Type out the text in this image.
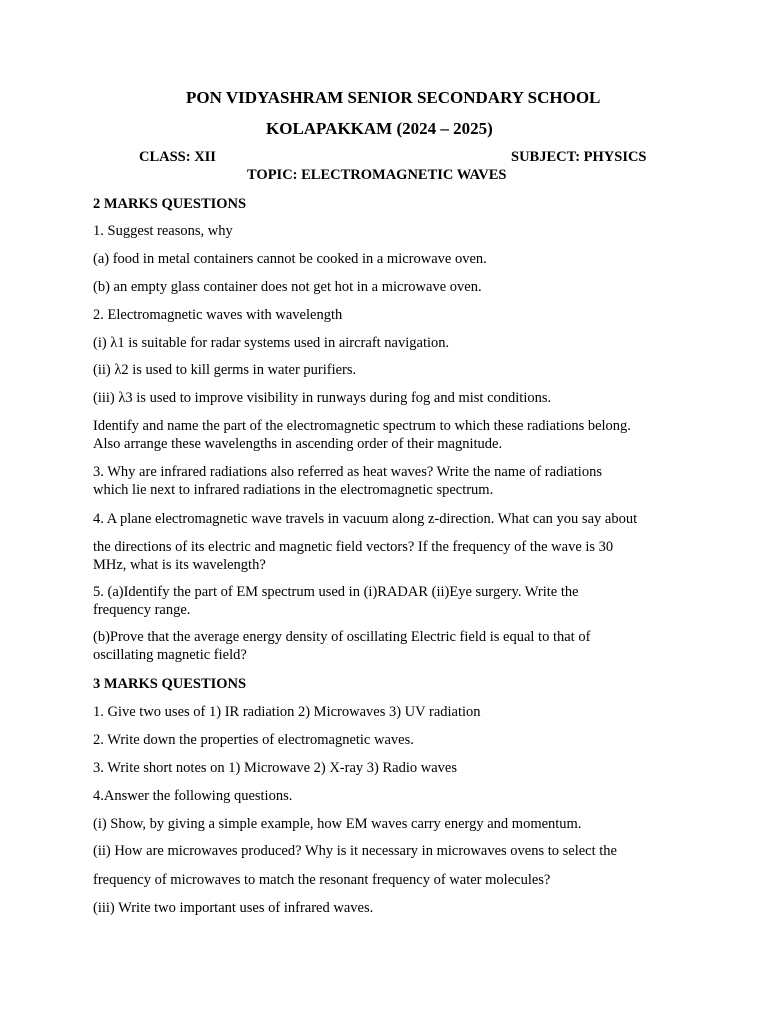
PON VIDYASHRAM SENIOR SECONDARY SCHOOL
KOLAPAKKAM (2024 – 2025)
CLASS: XII	SUBJECT: PHYSICS
TOPIC: ELECTROMAGNETIC WAVES
2 MARKS QUESTIONS
1. Suggest reasons, why
(a) food in metal containers cannot be cooked in a microwave oven.
(b) an empty glass container does not get hot in a microwave oven.
2. Electromagnetic waves with wavelength
(i) λ1 is suitable for radar systems used in aircraft navigation.
(ii) λ2 is used to kill germs in water purifiers.
(iii) λ3 is used to improve visibility in runways during fog and mist conditions.
Identify and name the part of the electromagnetic spectrum to which these radiations belong.
Also arrange these wavelengths in ascending order of their magnitude.
3. Why are infrared radiations also referred as heat waves? Write the name of radiations
which lie next to infrared radiations in the electromagnetic spectrum.
4. A plane electromagnetic wave travels in vacuum along z-direction. What can you say about
the directions of its electric and magnetic field vectors? If the frequency of the wave is 30
MHz, what is its wavelength?
5. (a)Identify the part of EM spectrum used in (i)RADAR (ii)Eye surgery. Write the
frequency range.
(b)Prove that the average energy density of oscillating Electric field is equal to that of
oscillating magnetic field?
3 MARKS QUESTIONS
1. Give two uses of 1) IR radiation 2) Microwaves 3) UV radiation
2. Write down the properties of electromagnetic waves.
3. Write short notes on 1) Microwave 2) X-ray 3) Radio waves
4.Answer the following questions.
(i) Show, by giving a simple example, how EM waves carry energy and momentum.
(ii) How are microwaves produced? Why is it necessary in microwaves ovens to select the
frequency of microwaves to match the resonant frequency of water molecules?
(iii) Write two important uses of infrared waves.
